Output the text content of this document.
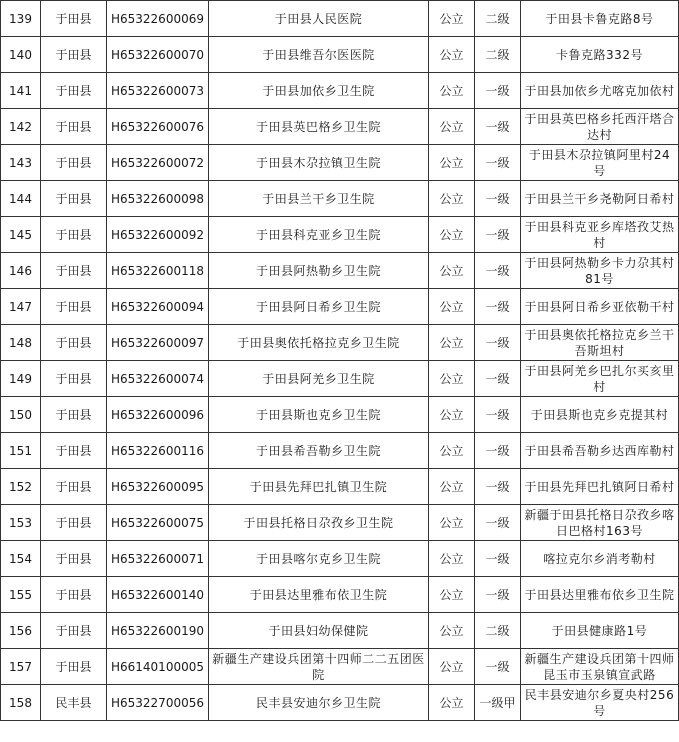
139	于田县	H65322600069	于田县人民医院	公立	二级	于田县卡鲁克路8号
140	于田县	H65322600070	于田县维吾尔医医院	公立	二级	卡鲁克路332号
141	于田县	H65322600073	于田县加依乡卫生院	公立	一级	于田县加依乡尤喀克加依村
142	于田县	H65322600076	于田县英巴格乡卫生院	公立	一级	于田县英巴格乡托西汗塔合达村
143	于田县	H65322600072	于田县木尕拉镇卫生院	公立	一级	于田县木尕拉镇阿里村24号
144	于田县	H65322600098	于田县兰干乡卫生院	公立	一级	于田县兰干乡尧勒阿日希村
145	于田县	H65322600092	于田县科克亚乡卫生院	公立	一级	于田县科克亚乡库塔孜艾热村
146	于田县	H65322600118	于田县阿热勒乡卫生院	公立	一级	于田县阿热勒乡卡力尕其村 81号
147	于田县	H65322600094	于田县阿日希乡卫生院	公立	一级	于田县阿日希乡亚依勒干村
148	于田县	H65322600097	于田县奥依托格拉克乡卫生院	公立	一级	于田县奥依托格拉克乡兰干吾斯坦村
149	于田县	H65322600074	于田县阿羌乡卫生院	公立	一级	于田县阿羌乡巴扎尔买亥里村
150	于田县	H65322600096	于田县斯也克乡卫生院	公立	一级	于田县斯也克乡克提其村
151	于田县	H65322600116	于田县希吾勒乡卫生院	公立	一级	于田县希吾勒乡达西库勒村
152	于田县	H65322600095	于田县先拜巴扎镇卫生院	公立	一级	于田县先拜巴扎镇阿日希村
153	于田县	H65322600075	于田县托格日尕孜乡卫生院	公立	一级	新疆于田县托格日尕孜乡喀日巴格村163号
154	于田县	H65322600071	于田县喀尔克乡卫生院	公立	一级	喀拉克尔乡消考勒村
155	于田县	H65322600140	于田县达里雅布依卫生院	公立	一级	于田县达里雅布依乡卫生院
156	于田县	H65322600190	于田县妇幼保健院	公立	二级	于田县健康路1号
157	于田县	H66140100005	新疆生产建设兵团第十四师二二五团医院	公立	一级	新疆生产建设兵团第十四师昆玉市玉泉镇宣武路
158	民丰县	H65322700056	民丰县安迪尔乡卫生院	公立	一级甲	民丰县安迪尔乡夏央村256号
